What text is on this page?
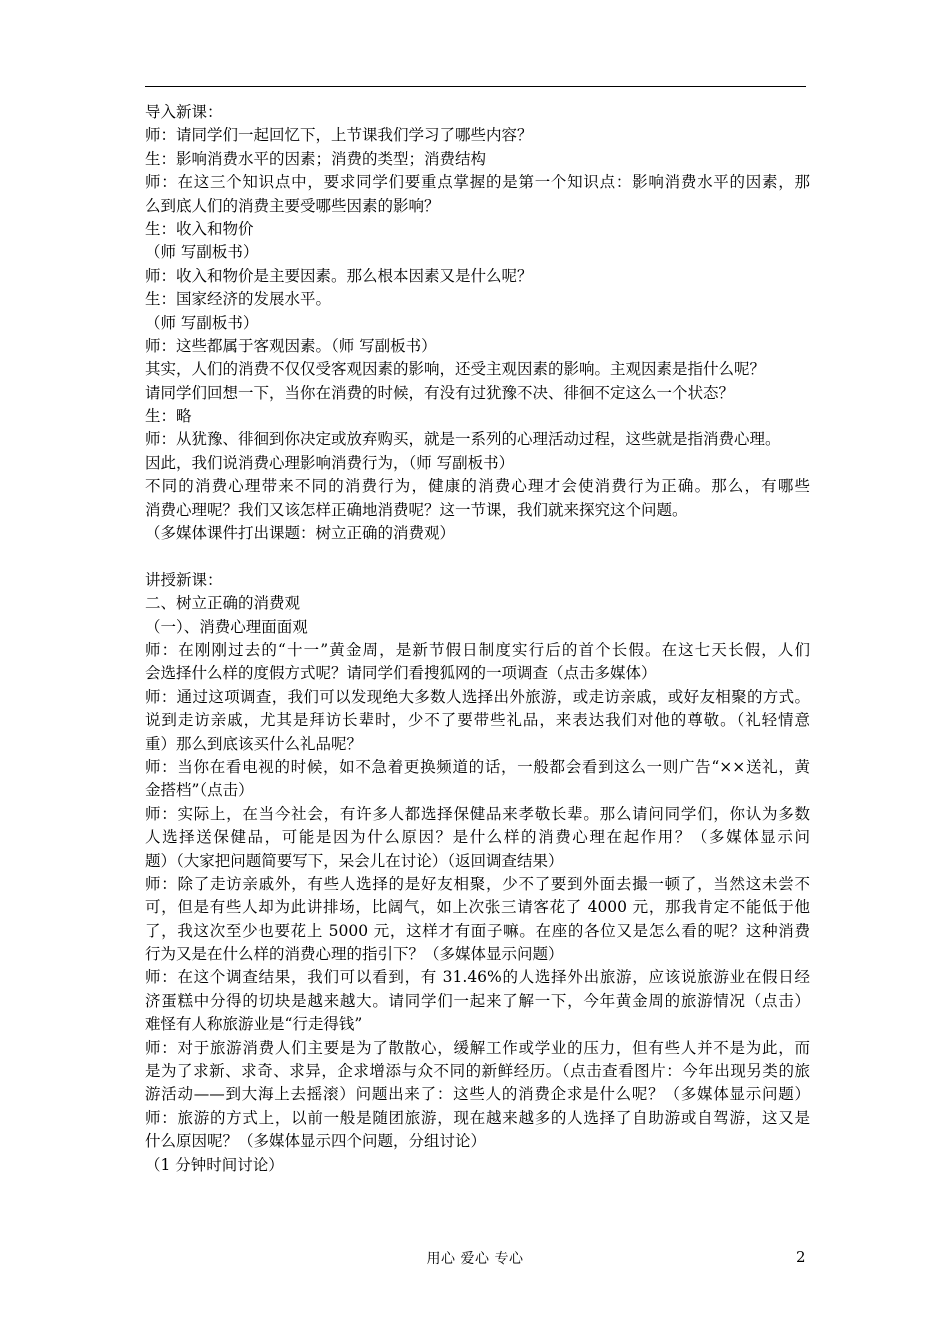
导入新课：
师：请同学们一起回忆下，上节课我们学习了哪些内容？
生：影响消费水平的因素；消费的类型；消费结构
师：在这三个知识点中，要求同学们要重点掌握的是第一个知识点：影响消费水平的因素，那
么到底人们的消费主要受哪些因素的影响？
生：收入和物价
（师 写副板书）
师：收入和物价是主要因素。那么根本因素又是什么呢？
生：国家经济的发展水平。
（师 写副板书）
师：这些都属于客观因素。（师 写副板书）
其实，人们的消费不仅仅受客观因素的影响，还受主观因素的影响。主观因素是指什么呢？
请同学们回想一下，当你在消费的时候，有没有过犹豫不决、徘徊不定这么一个状态？
生：略
师：从犹豫、徘徊到你决定或放弃购买，就是一系列的心理活动过程，这些就是指消费心理。
因此，我们说消费心理影响消费行为，（师 写副板书）
不同的消费心理带来不同的消费行为，健康的消费心理才会使消费行为正确。那么，有哪些
消费心理呢？我们又该怎样正确地消费呢？这一节课，我们就来探究这个问题。
（多媒体课件打出课题：树立正确的消费观）
讲授新课：
二、树立正确的消费观
（一）、消费心理面面观
师：在刚刚过去的“十一”黄金周，是新节假日制度实行后的首个长假。在这七天长假，人们
会选择什么样的度假方式呢？请同学们看搜狐网的一项调查（点击多媒体）
师：通过这项调查，我们可以发现绝大多数人选择出外旅游，或走访亲戚，或好友相聚的方式。
说到走访亲戚，尤其是拜访长辈时，少不了要带些礼品，来表达我们对他的尊敬。（礼轻情意
重）那么到底该买什么礼品呢？
师：当你在看电视的时候，如不急着更换频道的话，一般都会看到这么一则广告“××送礼，黄
金搭档”（点击）
师：实际上，在当今社会，有许多人都选择保健品来孝敬长辈。那么请问同学们，你认为多数
人选择送保健品，可能是因为什么原因？是什么样的消费心理在起作用？（多媒体显示问
题）（大家把问题简要写下，呆会儿在讨论）（返回调查结果）
师：除了走访亲戚外，有些人选择的是好友相聚，少不了要到外面去撮一顿了，当然这未尝不
可，但是有些人却为此讲排场，比阔气，如上次张三请客花了 4000 元，那我肯定不能低于他
了，我这次至少也要花上 5000 元，这样才有面子嘛。在座的各位又是怎么看的呢？这种消费
行为又是在什么样的消费心理的指引下？（多媒体显示问题）
师：在这个调查结果，我们可以看到，有 31.46%的人选择外出旅游，应该说旅游业在假日经
济蛋糕中分得的切块是越来越大。请同学们一起来了解一下，今年黄金周的旅游情况（点击）
难怪有人称旅游业是“行走得钱”
师：对于旅游消费人们主要是为了散散心，缓解工作或学业的压力，但有些人并不是为此，而
是为了求新、求奇、求异，企求增添与众不同的新鲜经历。（点击查看图片：今年出现另类的旅
游活动——到大海上去摇滚）问题出来了：这些人的消费企求是什么呢？（多媒体显示问题）
师：旅游的方式上，以前一般是随团旅游，现在越来越多的人选择了自助游或自驾游，这又是
什么原因呢？（多媒体显示四个问题，分组讨论）
（1 分钟时间讨论）
用心 爱心 专心	2
